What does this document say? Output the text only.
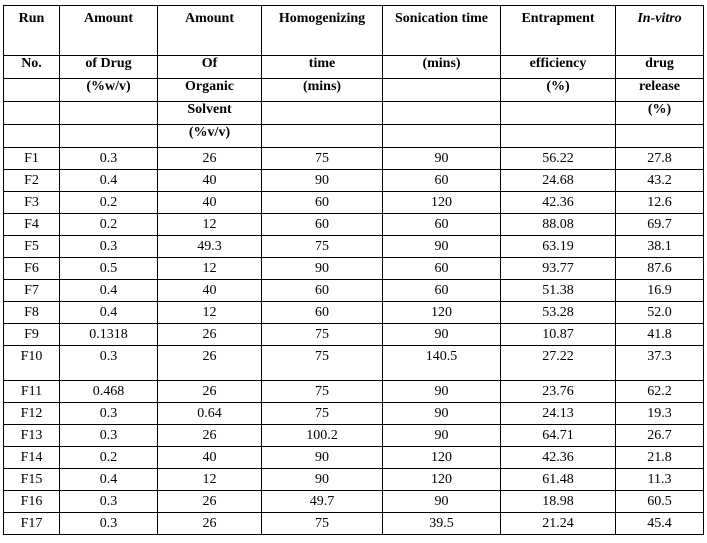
Run	Amount	Amount	Homogenizing	Sonication time	Entrapment	In-vitro
No.	of Drug	Of	time	(mins)	efficiency	drug
	(%w/v)	Organic	(mins)		(%)	release
		Solvent				(%)
		(%v/v)				
F1	0.3	26	75	90	56.22	27.8
F2	0.4	40	90	60	24.68	43.2
F3	0.2	40	60	120	42.36	12.6
F4	0.2	12	60	60	88.08	69.7
F5	0.3	49.3	75	90	63.19	38.1
F6	0.5	12	90	60	93.77	87.6
F7	0.4	40	60	60	51.38	16.9
F8	0.4	12	60	120	53.28	52.0
F9	0.1318	26	75	90	10.87	41.8
F10	0.3	26	75	140.5	27.22	37.3
F11	0.468	26	75	90	23.76	62.2
F12	0.3	0.64	75	90	24.13	19.3
F13	0.3	26	100.2	90	64.71	26.7
F14	0.2	40	90	120	42.36	21.8
F15	0.4	12	90	120	61.48	11.3
F16	0.3	26	49.7	90	18.98	60.5
F17	0.3	26	75	39.5	21.24	45.4
